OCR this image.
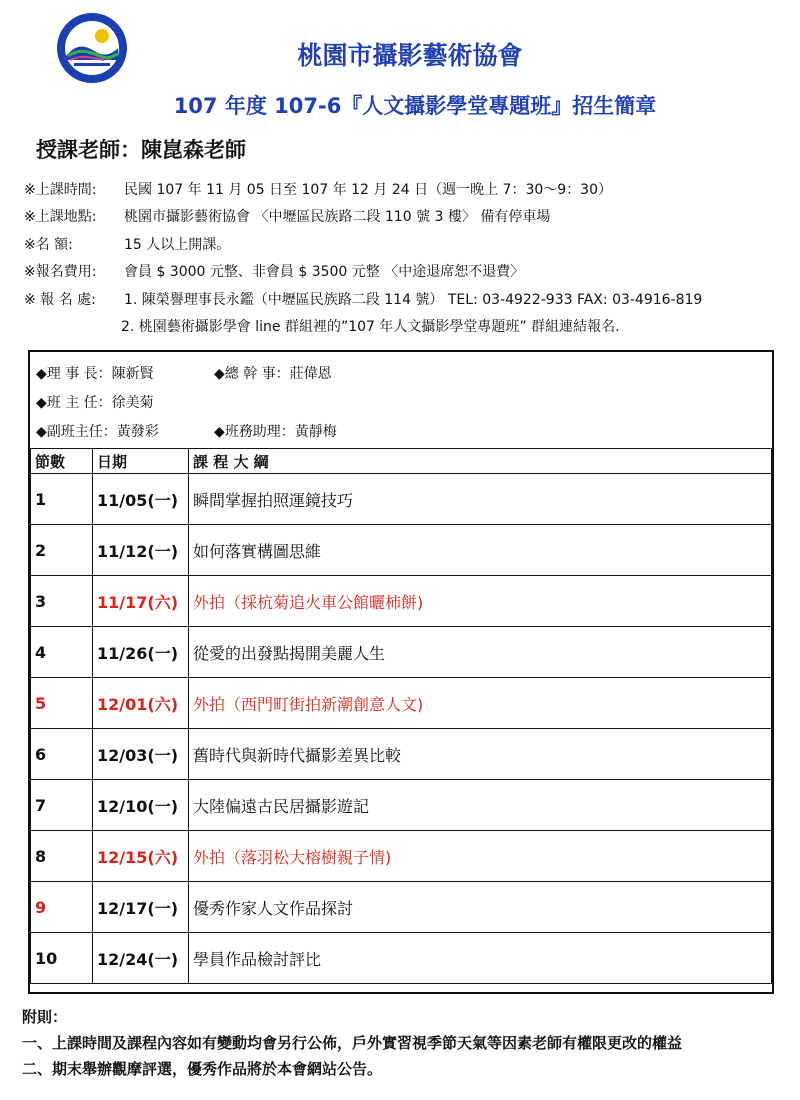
桃園市攝影藝術協會
107 年度 107-6『人文攝影學堂專題班』招生簡章
授課老師：陳崑森老師
※上課時間:	民國 107 年 11 月 05 日至 107 年 12 月 24 日（週一晚上 7：30～9：30）
※上課地點:	桃園市攝影藝術協會 〈中壢區民族路二段 110 號 3 樓〉 備有停車場
※名 額:	15 人以上開課。
※報名費用:	會員 $ 3000 元整、非會員 $ 3500 元整 〈中途退席恕不退費〉
※ 報 名 處:	1. 陳榮譽理事長永鑑（中壢區民族路二段 114 號） TEL: 03-4922-933 FAX: 03-4916-819
2. 桃園藝術攝影學會 line 群組裡的”107 年人文攝影學堂專題班” 群組連結報名.
◆理 事 長：陳新賢	◆總 幹 事：莊偉恩
◆班 主 任：徐美菊
◆副班主任：黃發彩	◆班務助理：黃靜梅
節數	日期	課 程 大 綱
1	11/05(一)	瞬間掌握拍照運鏡技巧
2	11/12(一)	如何落實構圖思維
3	11/17(六)	外拍（採杭菊追火車公館曬柿餅)
4	11/26(一)	從愛的出發點揭開美麗人生
5	12/01(六)	外拍（西門町街拍新潮創意人文)
6	12/03(一)	舊時代與新時代攝影差異比較
7	12/10(一)	大陸偏遠古民居攝影遊記
8	12/15(六)	外拍（落羽松大榕樹親子情)
9	12/17(一)	優秀作家人文作品探討
10	12/24(一)	學員作品檢討評比
附則：
一、上課時間及課程內容如有變動均會另行公佈，戶外實習視季節天氣等因素老師有權限更改的權益
二、期末舉辦觀摩評選，優秀作品將於本會網站公告。
